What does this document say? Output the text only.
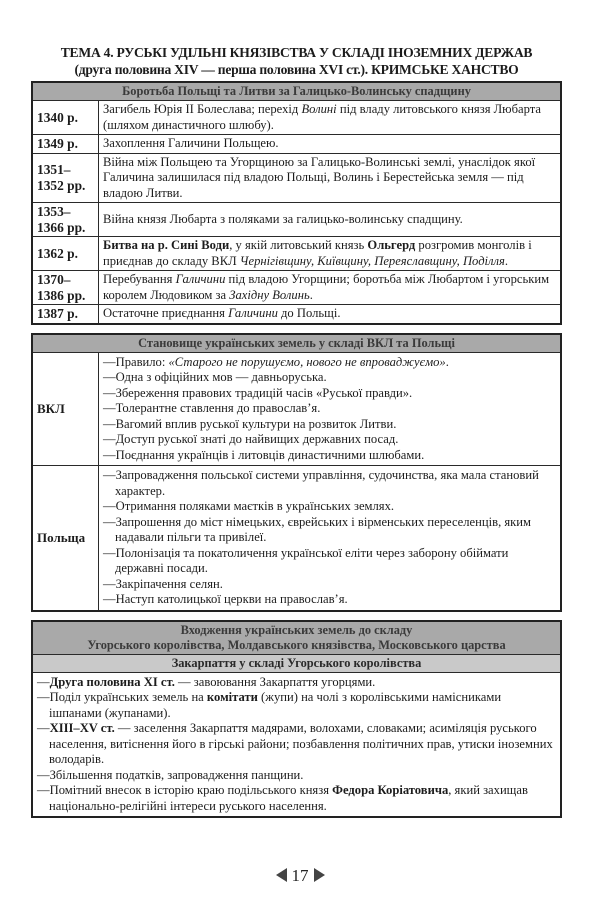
ТЕМА 4. РУСЬКІ УДІЛЬНІ КНЯЗІВСТВА У СКЛАДІ ІНОЗЕМНИХ ДЕРЖАВ
(друга половина XIV — перша половина XVI ст.). КРИМСЬКЕ ХАНСТВО
Боротьба Польщі та Литви за Галицько-Волинську спадщину	
1340 р.	Загибель Юрія II Болеслава; перехід Волині під владу литовського князя Любарта (шляхом династичного шлюбу).
1349 р.	Захоплення Галичини Польщею.
1351–
1352 рр.	Війна між Польщею та Угорщиною за Галицько-Волинські землі, унаслідок якої Галичина залишилася під владою Польщі, Волинь і Берестейська земля — під владою Литви.
1353–
1366 рр.	Війна князя Любарта з поляками за галицько-волинську спадщину.
1362 р.	Битва на р. Сині Води, у якій литовський князь Ольгерд розгромив монголів і приєднав до складу ВКЛ Чернігівщину, Київщину, Переяславщину, Поділля.
1370–
1386 рр.	Перебування Галичини під владою Угорщини; боротьба між Любартом і угорським королем Людовиком за Західну Волинь.
1387 р.	Остаточне приєднання Галичини до Польщі.
Становище українських земель у складі ВКЛ та Польщі	
ВКЛ	
—Правило: «Старого не порушуємо, нового не впроваджуємо».
—Одна з офіційних мов — давньоруська.
—Збереження правових традицій часів «Руської правди».
—Толерантне ставлення до православ’я.
—Вагомий вплив руської культури на розвиток Литви.
—Доступ руської знаті до найвищих державних посад.
—Поєднання українців і литовців династичними шлюбами.

Польща	
—Запровадження польської системи управління, судочинства, яка мала становий характер.
—Отримання поляками маєтків в українських землях.
—Запрошення до міст німецьких, єврейських і вірменських переселенців, яким надавали пільги та привілеї.
—Полонізація та покатоличення української еліти через заборону обіймати державні посади.
—Закріпачення селян.
—Наступ католицької церкви на православ’я.
Входження українських земель до складу
Угорського королівства, Молдавського князівства, Московського царства

Закарпаття у складі Угорського королівства

—Друга половина XI ст. — завоювання Закарпаття угорцями.
—Поділ українських земель на комітати (жупи) на чолі з королівськими намісниками ішпанами (жупанами).
—XIII–XV ст. — заселення Закарпаття мадярами, волохами, словаками; асиміляція руського населення, витіснення його в гірські райони; позбавлення політичних прав, утиски іноземних володарів.
—Збільшення податків, запровадження панщини.
—Помітний внесок в історію краю подільського князя Федора Коріатовича, який захищав національно-релігійні інтереси руського населення.
17
